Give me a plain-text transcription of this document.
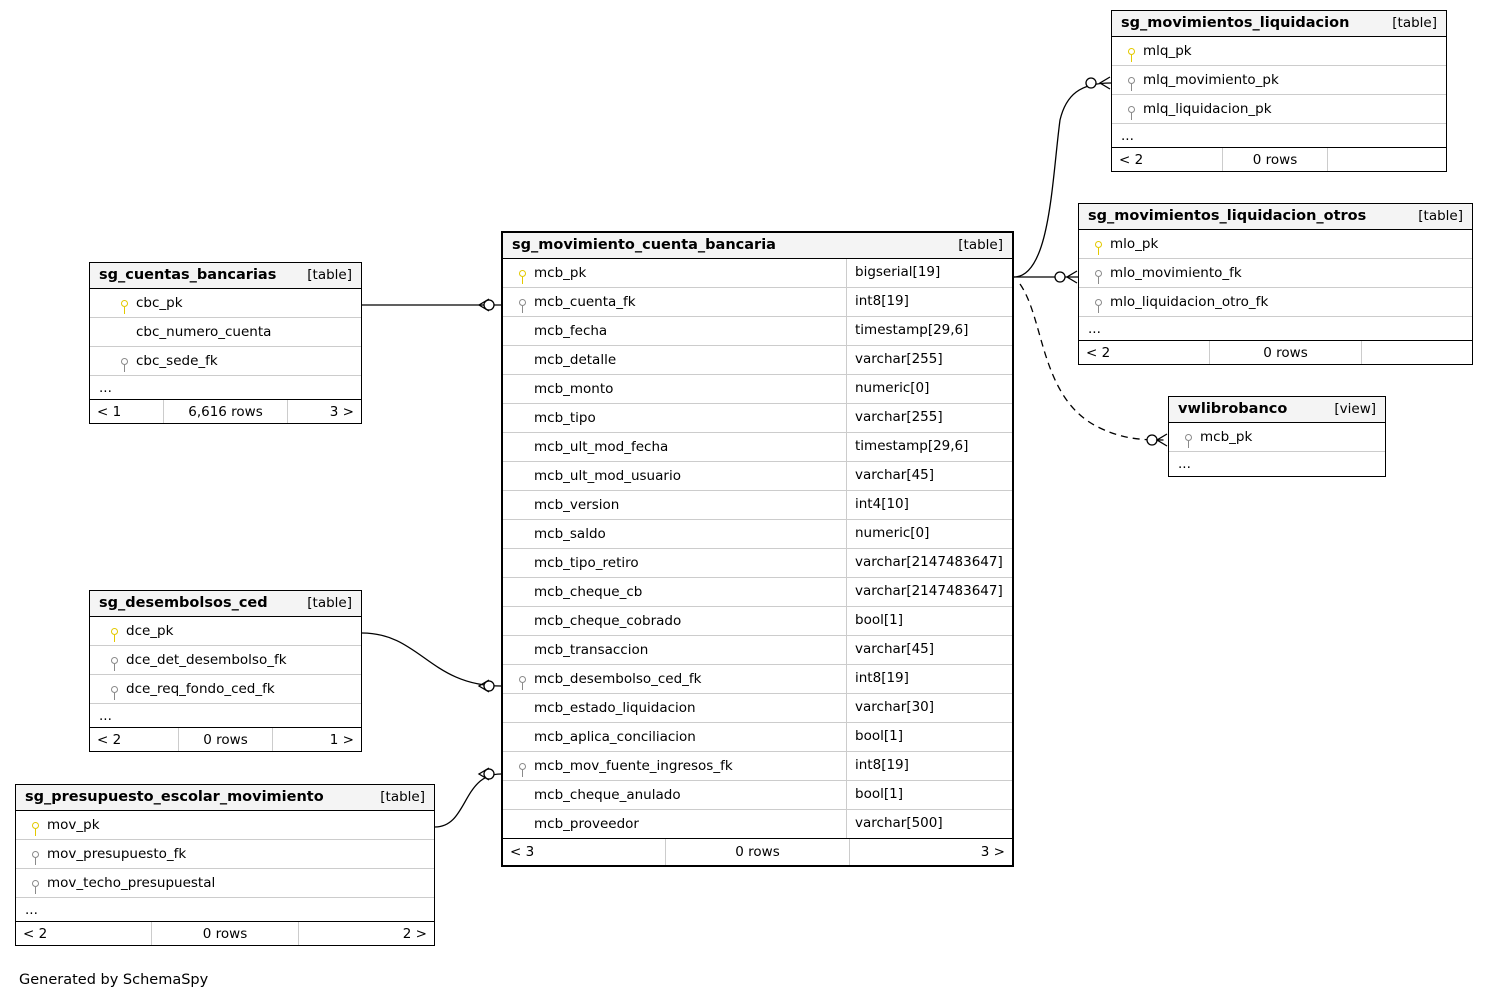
sg_movimientos_liquidacion	[table]
mlq_pk
mlq_movimiento_pk
mlq_liquidacion_pk
...
< 2	0 rows
sg_movimientos_liquidacion_otros	[table]
mlo_pk
mlo_movimiento_fk
mlo_liquidacion_otro_fk
...
< 2	0 rows
vwlibrobanco	[view]
mcb_pk
...
sg_cuentas_bancarias [table]
cbc_pk
cbc_numero_cuenta
cbc_sede_fk
...
< 1	6,616 rows	3 >
sg_desembolsos_ced	[table]
dce_pk
dce_det_desembolso_fk
dce_req_fondo_ced_fk
...
< 2	0 rows	1 >
sg_presupuesto_escolar_movimiento	[table]
mov_pk
mov_presupuesto_fk
mov_techo_presupuestal
...
< 2	0 rows	2 >
sg_movimiento_cuenta_bancaria	[table]
mcb_pk	bigserial[19]
mcb_cuenta_fk	int8[19]
mcb_fecha	timestamp[29,6]
mcb_detalle	varchar[255]
mcb_monto	numeric[0]
mcb_tipo	varchar[255]
mcb_ult_mod_fecha	timestamp[29,6]
mcb_ult_mod_usuario	varchar[45]
mcb_version	int4[10]
mcb_saldo	numeric[0]
mcb_tipo_retiro	varchar[2147483647]
mcb_cheque_cb	varchar[2147483647]
mcb_cheque_cobrado	bool[1]
mcb_transaccion	varchar[45]
mcb_desembolso_ced_fk	int8[19]
mcb_estado_liquidacion	varchar[30]
mcb_aplica_conciliacion	bool[1]
mcb_mov_fuente_ingresos_fk	int8[19]
mcb_cheque_anulado	bool[1]
mcb_proveedor	varchar[500]
< 3	0 rows	3 >
Generated by SchemaSpy
